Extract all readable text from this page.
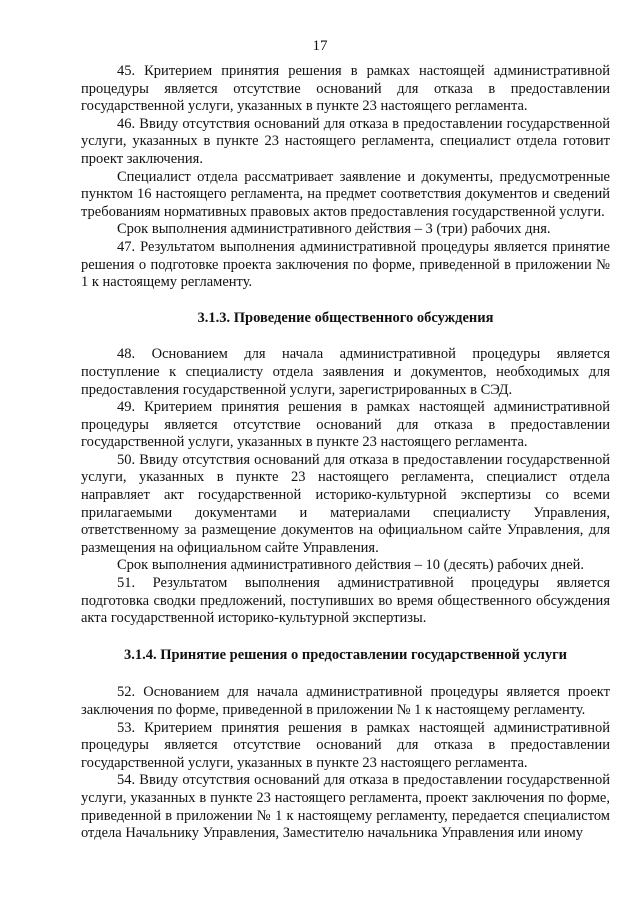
17

45. Критерием принятия решения в рамках настоящей административной процедуры является отсутствие оснований для отказа в предоставлении государственной услуги, указанных в пункте 23 настоящего регламента.

46. Ввиду отсутствия оснований для отказа в предоставлении государственной услуги, указанных в пункте 23 настоящего регламента, специалист отдела готовит проект заключения.

Специалист отдела рассматривает заявление и документы, предусмотренные пунктом 16 настоящего регламента, на предмет соответствия документов и сведений требованиям нормативных правовых актов предоставления государственной услуги.

Срок выполнения административного действия – 3 (три) рабочих дня.

47. Результатом выполнения административной процедуры является принятие решения о подготовке проекта заключения по форме, приведенной в приложении № 1 к настоящему регламенту.

3.1.3. Проведение общественного обсуждения

48. Основанием для начала административной процедуры является поступление к специалисту отдела заявления и документов, необходимых для предоставления государственной услуги, зарегистрированных в СЭД.

49. Критерием принятия решения в рамках настоящей административной процедуры является отсутствие оснований для отказа в предоставлении государственной услуги, указанных в пункте 23 настоящего регламента.

50. Ввиду отсутствия оснований для отказа в предоставлении государственной услуги, указанных в пункте 23 настоящего регламента, специалист отдела направляет акт государственной историко-культурной экспертизы со всеми прилагаемыми документами и материалами специалисту Управления, ответственному за размещение документов на официальном сайте Управления, для размещения на официальном сайте Управления.

Срок выполнения административного действия – 10 (десять) рабочих дней.

51. Результатом выполнения административной процедуры является подготовка сводки предложений, поступивших во время общественного обсуждения акта государственной историко-культурной экспертизы.

3.1.4. Принятие решения о предоставлении государственной услуги

52. Основанием для начала административной процедуры является проект заключения по форме, приведенной в приложении № 1 к настоящему регламенту.

53. Критерием принятия решения в рамках настоящей административной процедуры является отсутствие оснований для отказа в предоставлении государственной услуги, указанных в пункте 23 настоящего регламента.

54. Ввиду отсутствия оснований для отказа в предоставлении государственной услуги, указанных в пункте 23 настоящего регламента, проект заключения по форме, приведенной в приложении № 1 к настоящему регламенту, передается специалистом отдела Начальнику Управления, Заместителю начальника Управления или иному
